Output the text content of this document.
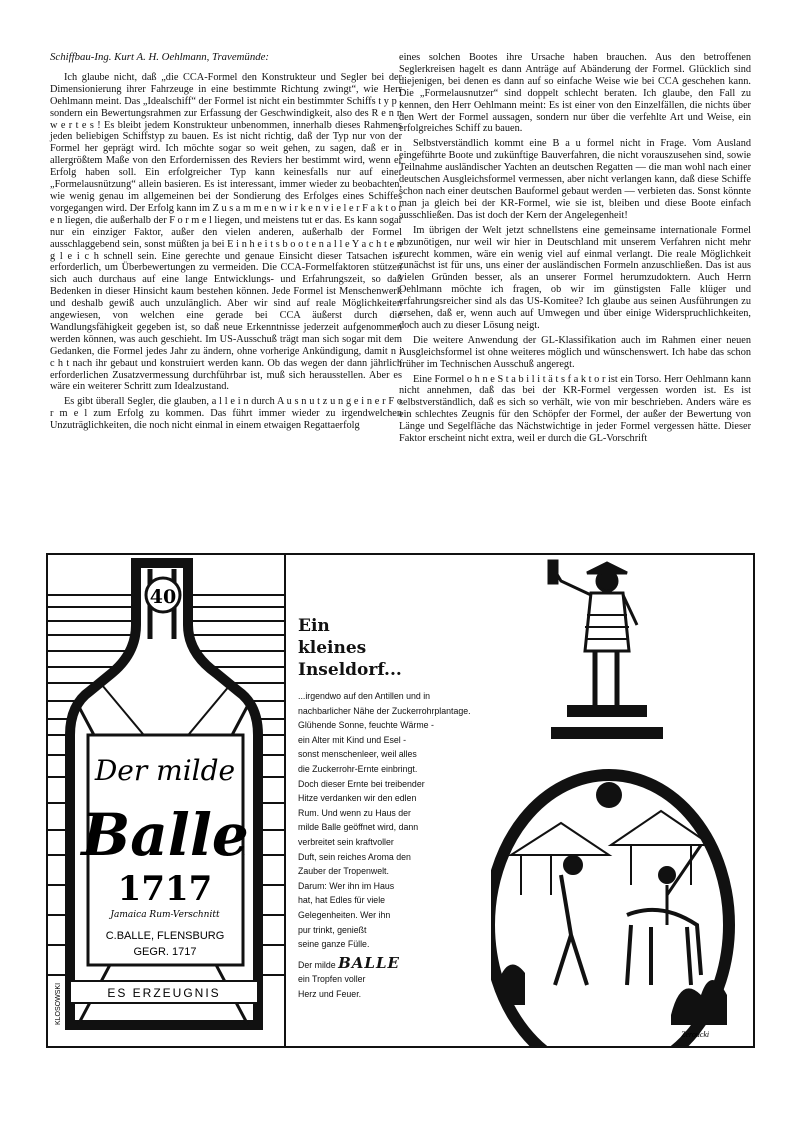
Schiffbau-Ing. Kurt A. H. Oehlmann, Travemünde:

Ich glaube nicht, daß „die CCA-Formel den Konstrukteur und Segler bei der Dimensionierung ihrer Fahrzeuge in eine bestimmte Richtung zwingt“, wie Herr Oehlmann meint. Das „Idealschiff“ der Formel ist nicht ein bestimmter Schiffs t y p , sondern ein Bewertungsrahmen zur Erfassung der Geschwindigkeit, also des R e n n w e r t e s ! Es bleibt jedem Konstrukteur unbenommen, innerhalb dieses Rahmens jeden beliebigen Schiffstyp zu bauen. Es ist nicht richtig, daß der Typ nur von der Formel her geprägt wird. Ich möchte sogar so weit gehen, zu sagen, daß er in allergrößtem Maße von den Erfordernissen des Reviers her bestimmt wird, wenn er Erfolg haben soll. Ein erfolgreicher Typ kann keinesfalls nur auf einer „Formelausnützung“ allein basieren. Es ist interessant, immer wieder zu beobachten, wie wenig genau im allgemeinen bei der Sondierung des Erfolges eines Schiffes vorgegangen wird. Der Erfolg kann im Z u s a m m e n w i r k e n v i e l e r F a k t o r e n liegen, die außerhalb der F o r m e l liegen, und meistens tut er das. Es kann sogar nur ein einziger Faktor, außer den vielen anderen, außerhalb der Formel ausschlaggebend sein, sonst müßten ja bei E i n h e i t s b o o t e n a l l e Y a c h t e n g l e i c h schnell sein. Eine gerechte und genaue Einsicht dieser Tatsachen ist erforderlich, um Überbewertungen zu vermeiden. Die CCA-Formelfaktoren stützen sich auch durchaus auf eine lange Entwicklungs- und Erfahrungszeit, so daß Bedenken in dieser Hinsicht kaum bestehen können. Jede Formel ist Menschenwerk und deshalb gewiß auch unzulänglich. Aber wir sind auf reale Möglichkeiten angewiesen, von welchen eine gerade bei CCA äußerst durch die Wandlungsfähigkeit gegeben ist, so daß neue Erkenntnisse jederzeit aufgenommen werden können, was auch geschieht. Im US-Ausschuß trägt man sich sogar mit dem Gedanken, die Formel jedes Jahr zu ändern, ohne vorherige Ankündigung, damit n i c h t nach ihr gebaut und konstruiert werden kann. Ob das wegen der dann jährlich erforderlichen Zusatzvermessung durchführbar ist, muß sich herausstellen. Aber es wäre ein weiterer Schritt zum Idealzustand.

Es gibt überall Segler, die glauben, a l l e i n durch A u s n u t z u n g e i n e r F o r m e l zum Erfolg zu kommen. Das führt immer wieder zu irgendwelchen Unzuträglichkeiten, die noch nicht einmal in einem etwaigen Regattaerfolg

eines solchen Bootes ihre Ursache haben brauchen. Aus den betroffenen Seglerkreisen hagelt es dann Anträge auf Abänderung der Formel. Glücklich sind diejenigen, bei denen es dann auf so einfache Weise wie bei CCA geschehen kann. Die „Formelausnutzer“ sind doppelt schlecht beraten. Ich glaube, den Fall zu kennen, den Herr Oehlmann meint: Es ist einer von den Einzelfällen, die nichts über den Wert der Formel aussagen, sondern nur über die verfehlte Art und Weise, ein erfolgreiches Schiff zu bauen.

Selbstverständlich kommt eine B a u formel nicht in Frage. Vom Ausland eingeführte Boote und zukünftige Bauverfahren, die nicht vorauszusehen sind, sowie Teilnahme ausländischer Yachten an deutschen Regatten — die man wohl nach einer deutschen Ausgleichsformel vermessen, aber nicht verlangen kann, daß diese Schiffe schon nach einer deutschen Bauformel gebaut werden — verbieten das. Sonst könnte man ja gleich bei der KR-Formel, wie sie ist, bleiben und diese Boote einfach ausschließen. Das ist doch der Kern der Angelegenheit!

Im übrigen der Welt jetzt schnellstens eine gemeinsame internationale Formel abzunötigen, nur weil wir hier in Deutschland mit unserem Verfahren nicht mehr zurecht kommen, wäre ein wenig viel auf einmal verlangt. Die reale Möglichkeit zunächst ist für uns, uns einer der ausländischen Formeln anzuschließen. Das ist aus vielen Gründen besser, als an unserer Formel herumzudoktern. Auch Herrn Oehlmann möchte ich fragen, ob wir im günstigsten Falle klüger und erfahrungsreicher sind als das US-Komitee? Ich glaube aus seinen Ausführungen zu ersehen, daß er, wenn auch auf Umwegen und über einige Widerspruchlichkeiten, doch auch zu dieser Lösung neigt.

Die weitere Anwendung der GL-Klassifikation auch im Rahmen einer neuen Ausgleichsformel ist ohne weiteres möglich und wünschenswert. Ich habe das schon früher im Technischen Ausschuß angeregt.

Eine Formel o h n e S t a b i l i t ä t s f a k t o r ist ein Torso. Herr Oehlmann kann nicht annehmen, daß das bei der KR-Formel vergessen worden ist. Es ist selbstverständlich, daß es sich so verhält, wie von mir beschrieben. Anders wäre es ein schlechtes Zeugnis für den Schöpfer der Formel, der außer der Bewertung von Länge und Segelfläche das Nächstwichtige in jeder Formel vergessen hätte. Dieser Faktor erscheint nicht extra, weil er durch die GL-Vorschrift

40
Der milde
Balle
1717
Jamaica Rum-Verschnitt
C.BALLE, FLENSBURG
GEGR. 1717
ES ERZEUGNIS
KLOSOWSKI
Ein
kleines
Inseldorf...
...irgendwo auf den Antillen und in
nachbarlicher Nähe der Zuckerrohrplantage.
Glühende Sonne, feuchte Wärme -
ein Alter mit Kind und Esel -
sonst menschenleer, weil alles
die Zuckerrohr-Ernte einbringt.
Doch dieser Ernte bei treibender
Hitze verdanken wir den edlen
Rum. Und wenn zu Haus der
milde Balle geöffnet wird, dann
verbreitet sein kraftvoller
Duft, sein reiches Aroma den
Zauber der Tropenwelt.
Darum: Wer ihn im Haus
hat, hat Edles für viele
Gelegenheiten. Wer ihn
pur trinkt, genießt
seine ganze Fülle.
Der milde BALLE
ein Tropfen voller
Herz und Feuer.
Zeroucki
